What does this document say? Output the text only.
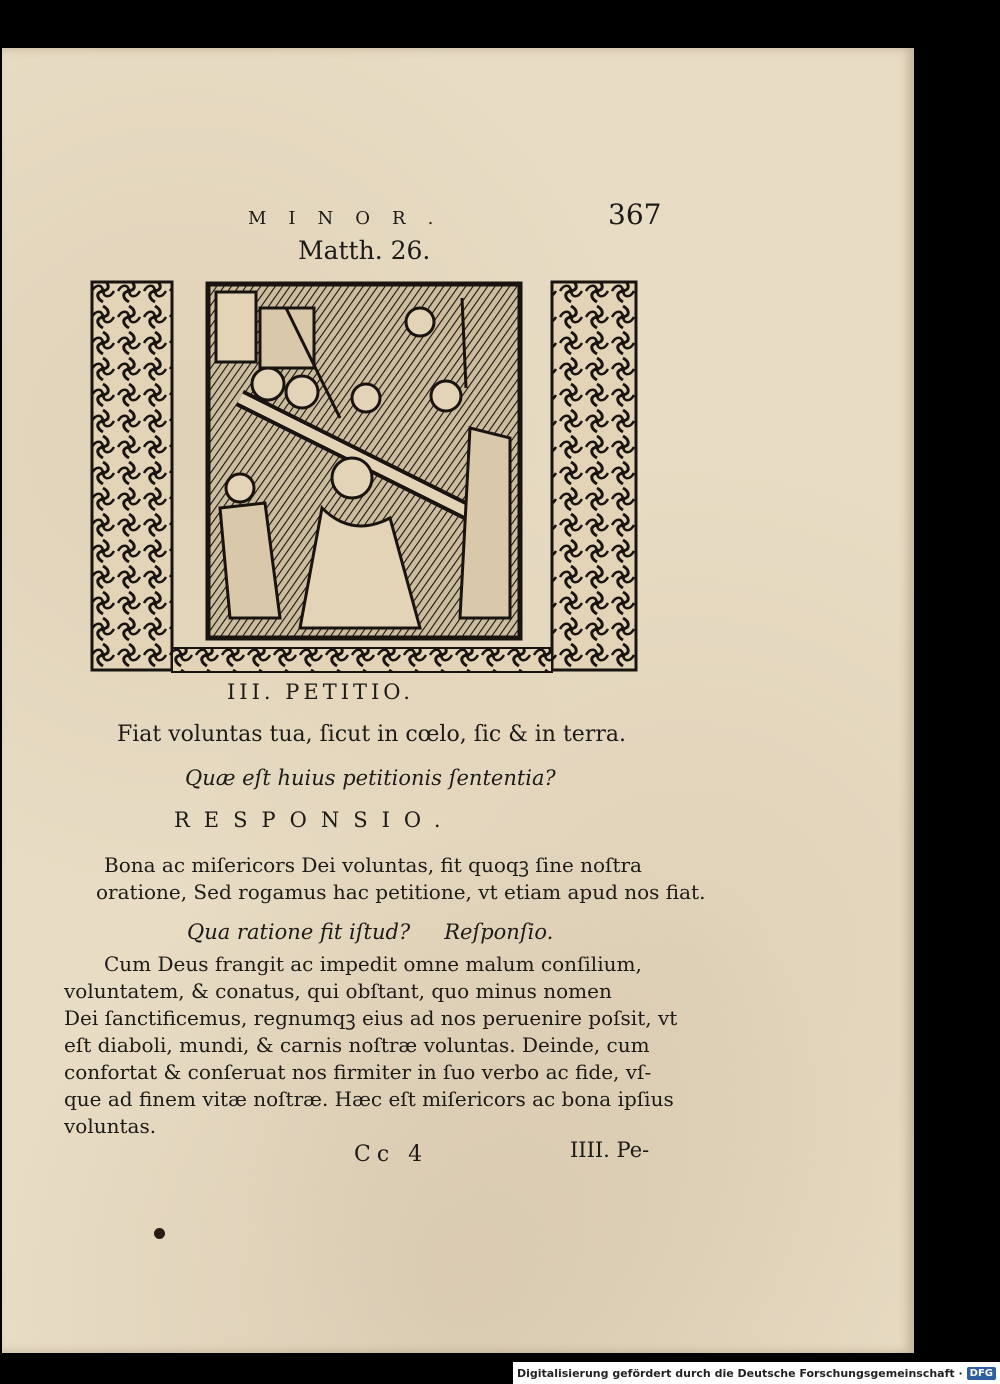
MINOR.	367
Matth. 26.
III. PETITIO.
Fiat voluntas tua, ſicut in cœlo, ſic & in terra.
Quæ eſt huius petitionis ſententia?
RESPONSIO.
Bona ac miſericors Dei voluntas, fit quoqꝫ ſine noſtra
oratione, Sed rogamus hac petitione, vt etiam apud nos fiat.
Qua ratione fit iſtud? Reſponſio.
Cum Deus frangit ac impedit omne malum conſilium,
voluntatem, & conatus, qui obſtant, quo minus nomen
Dei ſanctificemus, regnumqꝫ eius ad nos peruenire poſsit, vt
eſt diaboli, mundi, & carnis noſtræ voluntas. Deinde, cum
confortat & conſeruat nos firmiter in ſuo verbo ac fide, vſ-
que ad finem vitæ noſtræ. Hæc eſt miſericors ac bona ipſius
voluntas.
Cc 4	IIII. Pe-
Digitalisierung gefördert durch die Deutsche Forschungsgemeinschaft · DFG
